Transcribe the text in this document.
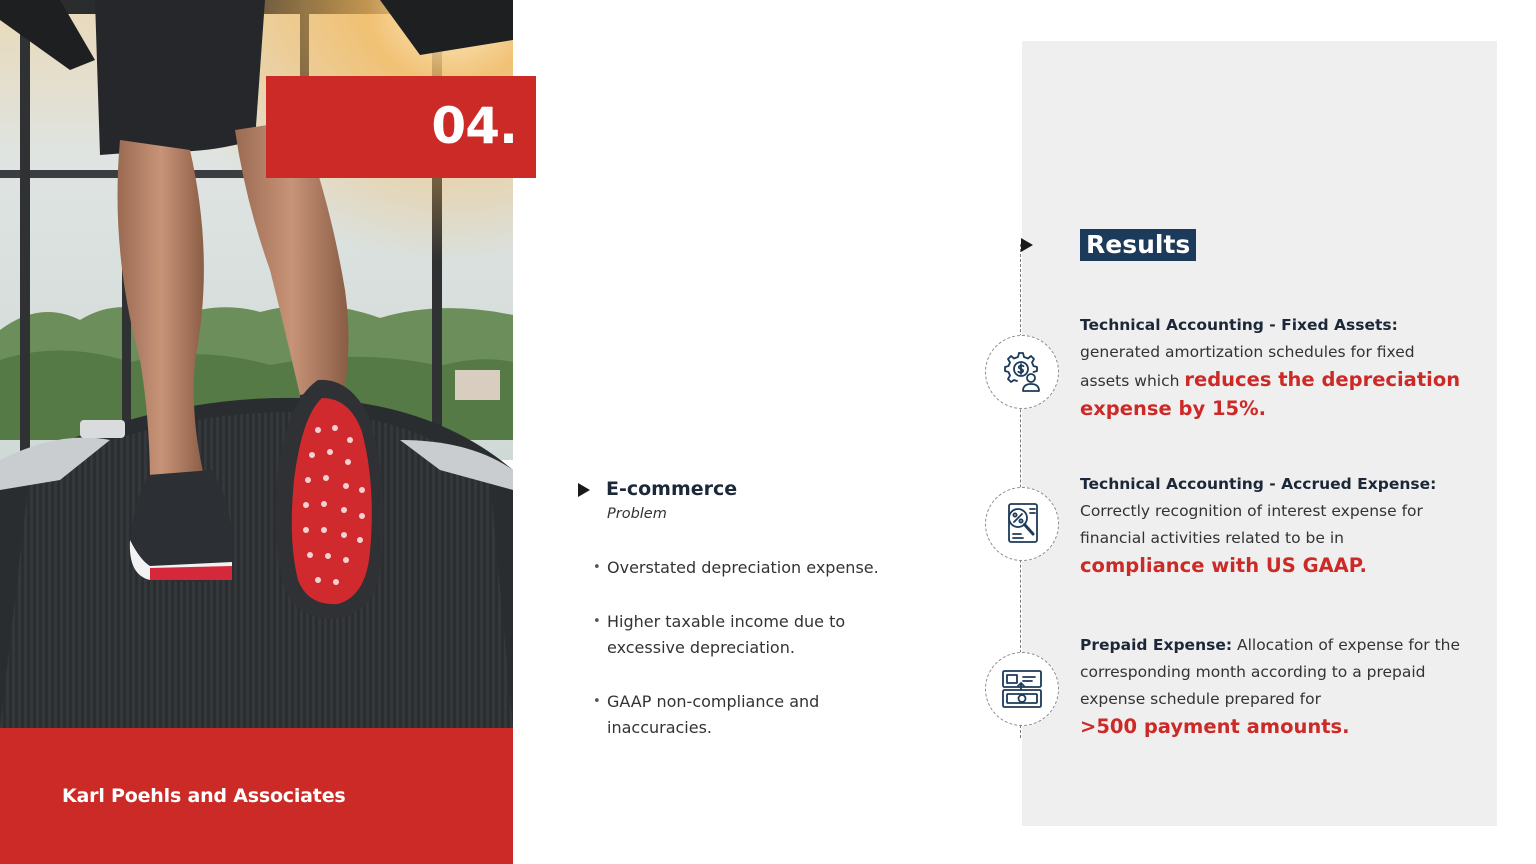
04.
Karl Poehls and Associates
E-commerce
Problem
• Overstated depreciation expense.
• Higher taxable income due to excessive depreciation.
• GAAP non-compliance and inaccuracies.
Results
Technical Accounting - Fixed Assets:
generated amortization schedules for fixed assets which reduces the depreciation expense by 15%.
Technical Accounting - Accrued Expense:
Correctly recognition of interest expense for financial activities related to be in
compliance with US GAAP.
Prepaid Expense: Allocation of expense for the corresponding month according to a prepaid expense schedule prepared for
>500 payment amounts.
